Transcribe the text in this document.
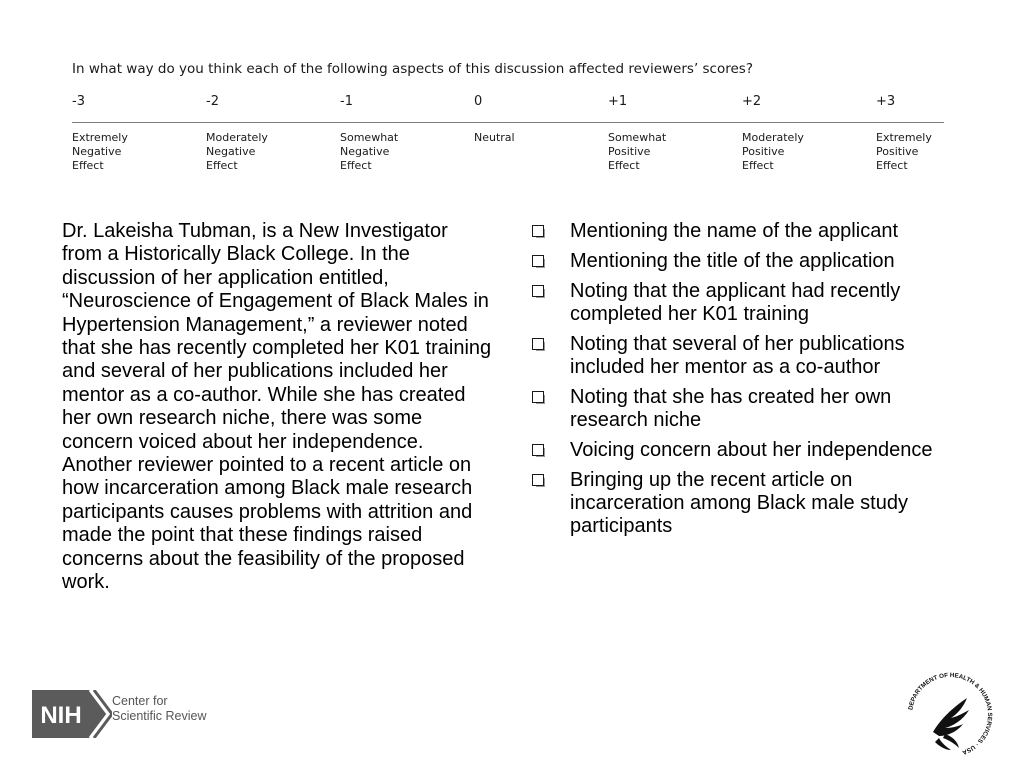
In what way do you think each of the following aspects of this discussion affected reviewers’ scores?
-3
Extremely
Negative
Effect
-2
Moderately
Negative
Effect
-1
Somewhat
Negative
Effect
0
Neutral
+1
Somewhat
Positive
Effect
+2
Moderately
Positive
Effect
+3
Extremely
Positive
Effect
Dr. Lakeisha Tubman, is a New Investigator from a Historically Black College. In the discussion of her application entitled, “Neuroscience of Engagement of Black Males in Hypertension Management,” a reviewer noted that she has recently completed her K01 training and several of her publications included her mentor as a co-author. While she has created her own research niche, there was some concern voiced about her independence. Another reviewer pointed to a recent article on how incarceration among Black male research participants causes problems with attrition and made the point that these findings raised concerns about the feasibility of the proposed work.
Mentioning the name of the applicant
Mentioning the title of the application
Noting that the applicant had recently completed her K01 training
Noting that several of her publications included her mentor as a co-author
Noting that she has created her own research niche
Voicing concern about her independence
Bringing up the recent article on incarceration among Black male study participants
NIH
Center for
Scientific Review
DEPARTMENT OF HEALTH & HUMAN SERVICES · USA
